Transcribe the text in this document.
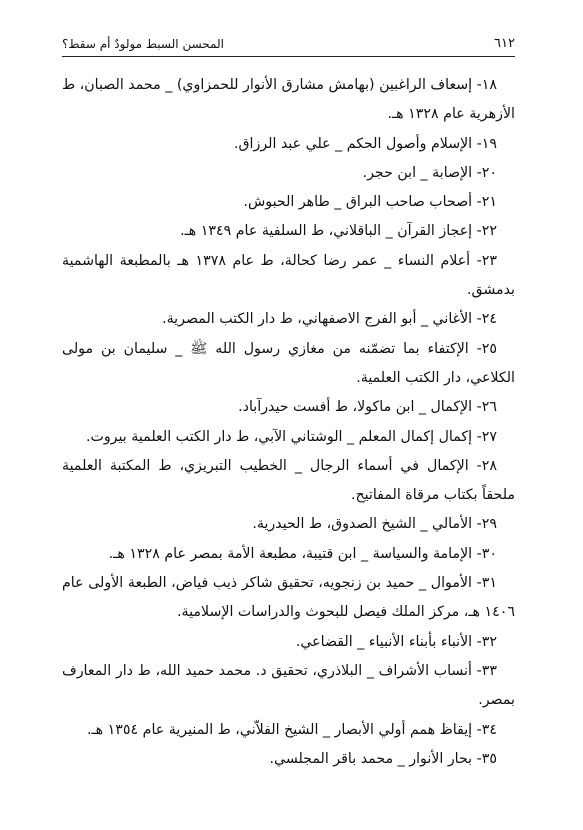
٦١٢
المحسن السبط مولودٌ أم سقط؟

١٨- إسعاف الراغبين (بهامش مشارق الأنوار للحمزاوي) _ محمد الصبان، ط الأزهرية عام ١٣٢٨ هـ.

١٩- الإسلام وأصول الحكم _ علي عبد الرزاق.

٢٠- الإصابة _ ابن حجر.

٢١- أصحاب صاحب البراق _ طاهر الحبوش.

٢٢- إعجاز القرآن _ الباقلاني، ط السلفية عام ١٣٤٩ هـ.

٢٣- أعلام النساء _ عمر رضا كحالة، ط عام ١٣٧٨ هـ بالمطبعة الهاشمية بدمشق.

٢٤- الأغاني _ أبو الفرج الاصفهاني، ط دار الكتب المصرية.

٢٥- الإكتفاء بما تضمّنه من مغازي رسول الله ﷺ _ سليمان بن مولى الكلاعي، دار الكتب العلمية.

٢٦- الإكمال _ ابن ماكولا، ط أفست حيدرآباد.

٢٧- إكمال إكمال المعلم _ الوشتاني الآبي، ط دار الكتب العلمية بيروت.

٢٨- الإكمال في أسماء الرجال _ الخطيب التبريزي، ط المكتبة العلمية ملحقاً بكتاب مرقاة المفاتيح.

٢٩- الأمالي _ الشيخ الصدوق، ط الحيدرية.

٣٠- الإمامة والسياسة _ ابن قتيبة، مطبعة الأمة بمصر عام ١٣٢٨ هـ.

٣١- الأموال _ حميد بن زنجويه، تحقيق شاكر ذيب فياض، الطبعة الأولى عام ١٤٠٦ هـ، مركز الملك فيصل للبحوث والدراسات الإسلامية.

٣٢- الأنباء بأبناء الأنبياء _ القضاعي.

٣٣- أنساب الأشراف _ البلاذري، تحقيق د. محمد حميد الله، ط دار المعارف بمصر.

٣٤- إيقاظ همم أولي الأبصار _ الشيخ الفلاّني، ط المنيرية عام ١٣٥٤ هـ.

٣٥- بحار الأنوار _ محمد باقر المجلسي.
